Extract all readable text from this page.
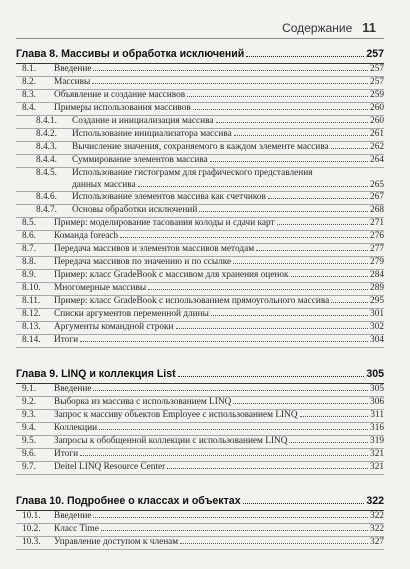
Содержание 11
Глава 8. Массивы и обработка исключений	257
8.1.	Введение	257
8.2.	Массивы	257
8.3.	Объявление и создание массивов	259
8.4.	Примеры использования массивов	260
8.4.1.	Создание и инициализация массива	260
8.4.2.	Использование инициализатора массива	261
8.4.3.	Вычисление значения, сохраняемого в каждом элементе массива	262
8.4.4.	Суммирование элементов массива	264
8.4.5.	Использование гистограмм для графического представления
данных массива	265
8.4.6.	Использование элементов массива как счетчиков	267
8.4.7.	Основы обработки исключений	268
8.5.	Пример: моделирование тасования колоды и сдачи карт	271
8.6.	Команда foreach	276
8.7.	Передача массивов и элементов массивов методам	277
8.8.	Передача массивов по значению и по ссылке	279
8.9.	Пример: класс GradeBook с массивом для хранения оценок	284
8.10.	Многомерные массивы	289
8.11.	Пример: класс GradeBook с использованием прямоугольного массива	295
8.12.	Списки аргументов переменной длины	301
8.13.	Аргументы командной строки	302
8.14.	Итоги	304
Глава 9. LINQ и коллекция List	305
9.1.	Введение	305
9.2.	Выборка из массива с использованием LINQ	306
9.3.	Запрос к массиву объектов Employee с использованием LINQ	311
9.4.	Коллекции	316
9.5.	Запросы к обобщенной коллекции с использованием LINQ	319
9.6.	Итоги	321
9.7.	Deitel LINQ Resource Center	321
Глава 10. Подробнее о классах и объектах	322
10.1.	Введение	322
10.2.	Класс Time	322
10.3.	Управление доступом к членам	327
